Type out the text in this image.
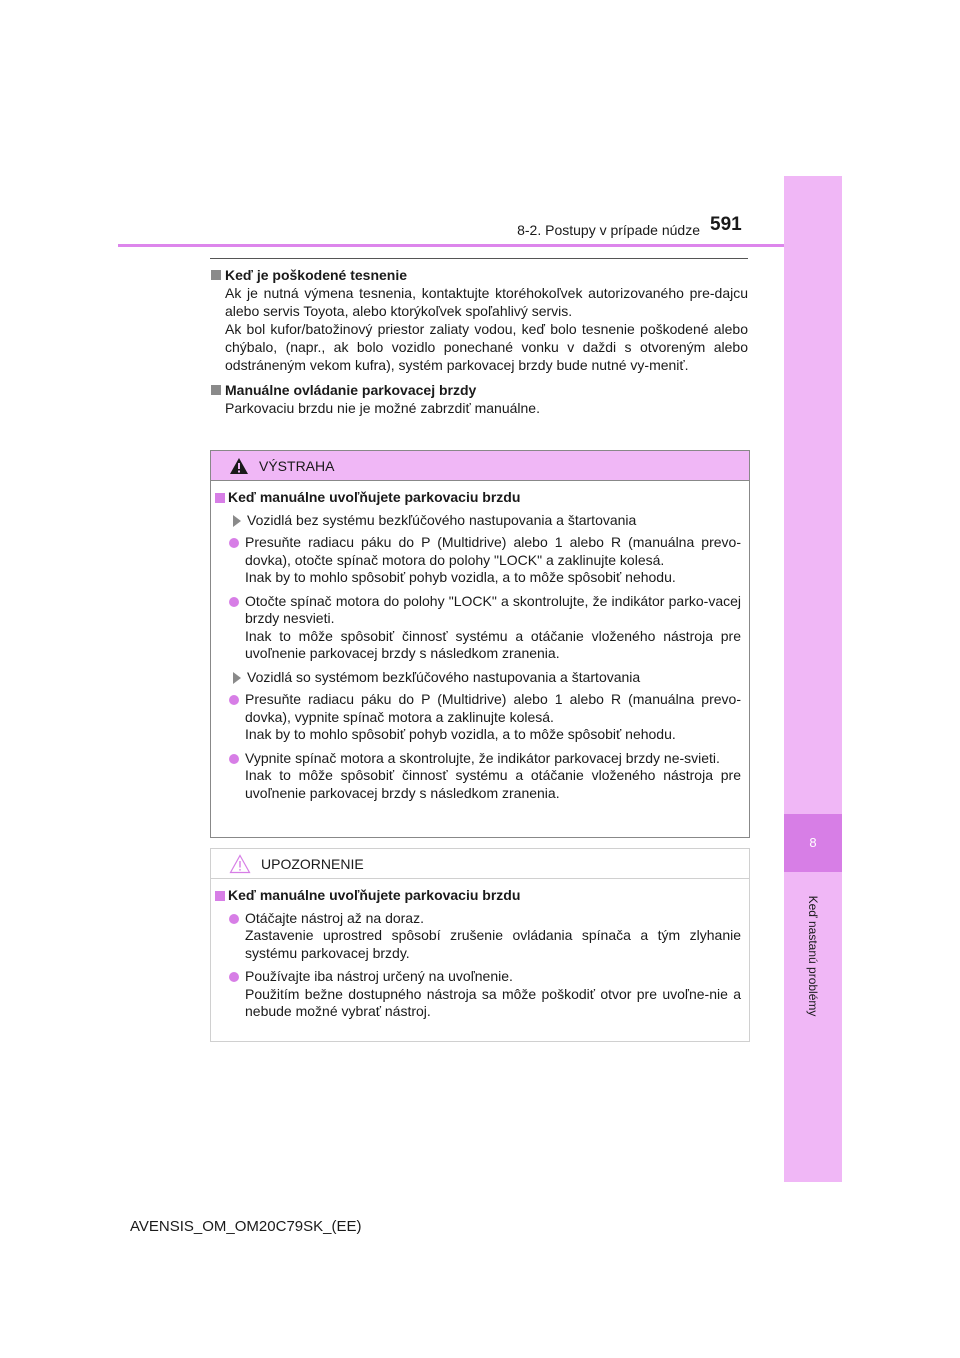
8
Keď nastanú problémy
8-2. Postupy v prípade núdze 591
Keď je poškodené tesnenie

Ak je nutná výmena tesnenia, kontaktujte ktoréhokoľvek autorizovaného pre-dajcu alebo servis Toyota, alebo ktorýkoľvek spoľahlivý servis.

Ak bol kufor/batožinový priestor zaliaty vodou, keď bolo tesnenie poškodené alebo chýbalo, (napr., ak bolo vozidlo ponechané vonku v daždi s otvoreným alebo odstráneným vekom kufra), systém parkovacej brzdy bude nutné vy-meniť.

Manuálne ovládanie parkovacej brzdy

Parkovaciu brzdu nie je možné zabrzdiť manuálne.

VÝSTRAHA
Keď manuálne uvoľňujete parkovaciu brzdu
Vozidlá bez systému bezkľúčového nastupovania a štartovania

Presuňte radiacu páku do P (Multidrive) alebo 1 alebo R (manuálna prevo-dovka), otočte spínač motora do polohy "LOCK" a zaklinujte kolesá.

Inak by to mohlo spôsobiť pohyb vozidla, a to môže spôsobiť nehodu.

Otočte spínač motora do polohy "LOCK" a skontrolujte, že indikátor parko-vacej brzdy nesvieti.

Inak to môže spôsobiť činnosť systému a otáčanie vloženého nástroja pre uvoľnenie parkovacej brzdy s následkom zranenia.

Vozidlá so systémom bezkľúčového nastupovania a štartovania

Presuňte radiacu páku do P (Multidrive) alebo 1 alebo R (manuálna prevo-dovka), vypnite spínač motora a zaklinujte kolesá.

Inak by to mohlo spôsobiť pohyb vozidla, a to môže spôsobiť nehodu.

Vypnite spínač motora a skontrolujte, že indikátor parkovacej brzdy ne-svieti.

Inak to môže spôsobiť činnosť systému a otáčanie vloženého nástroja pre uvoľnenie parkovacej brzdy s následkom zranenia.

UPOZORNENIE
Keď manuálne uvoľňujete parkovaciu brzdu

Otáčajte nástroj až na doraz.

Zastavenie uprostred spôsobí zrušenie ovládania spínača a tým zlyhanie systému parkovacej brzdy.

Používajte iba nástroj určený na uvoľnenie.

Použitím bežne dostupného nástroja sa môže poškodiť otvor pre uvoľne-nie a nebude možné vybrať nástroj.

AVENSIS_OM_OM20C79SK_(EE)
